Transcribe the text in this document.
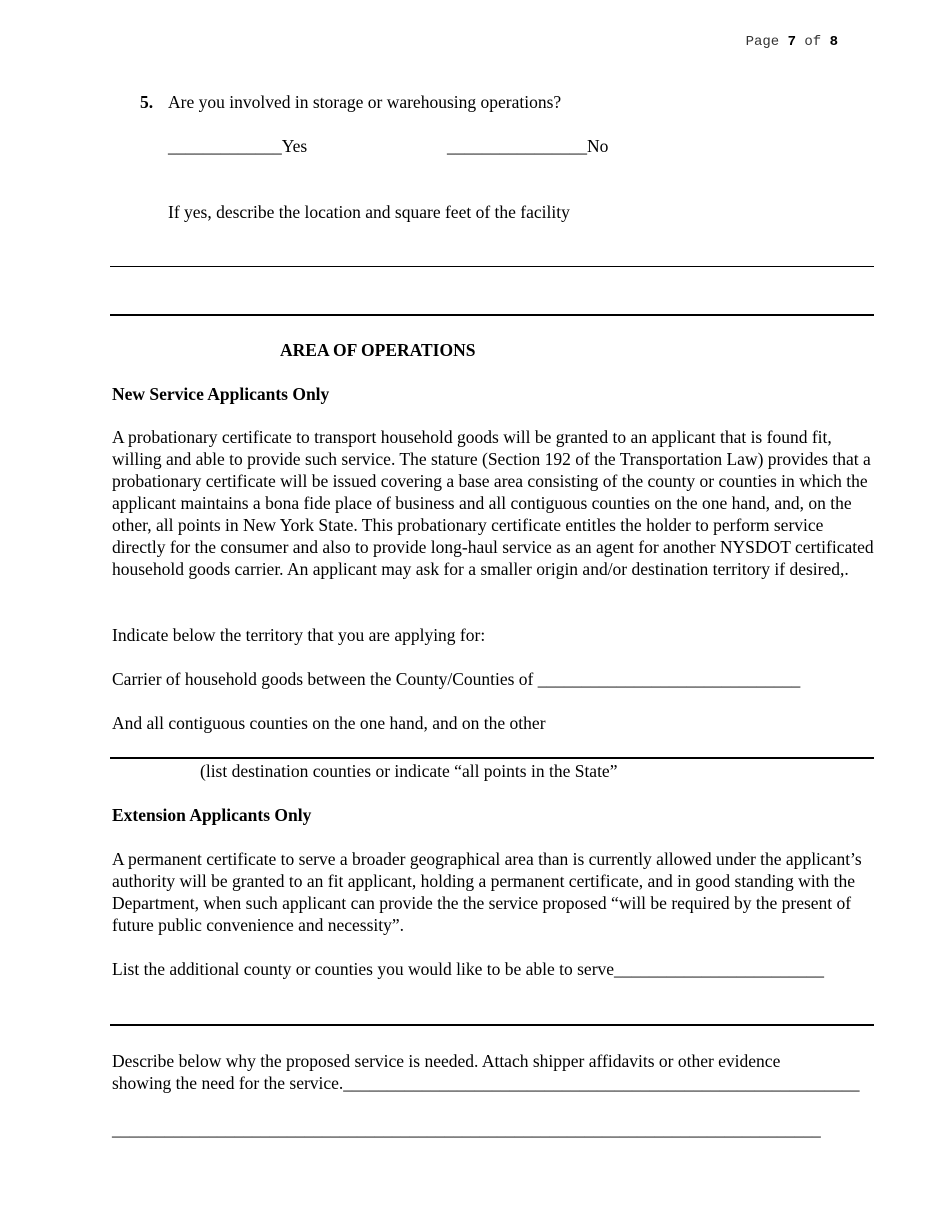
Page 7 of 8
5. Are you involved in storage or warehousing operations?
_____________Yes	________________No
If yes, describe the location and square feet of the facility
AREA OF OPERATIONS
New Service Applicants Only
A probationary certificate to transport household goods will be granted to an applicant that is found fit, willing and able to provide such service. The stature (Section 192 of the Transportation Law) provides that a probationary certificate will be issued covering a base area consisting of the county or counties in which the applicant maintains a bona fide place of business and all contiguous counties on the one hand, and, on the other, all points in New York State. This probationary certificate entitles the holder to perform service directly for the consumer and also to provide long-haul service as an agent for another NYSDOT certificated household goods carrier. An applicant may ask for a smaller origin and/or destination territory if desired,.
Indicate below the territory that you are applying for:
Carrier of household goods between the County/Counties of ______________________________
And all contiguous counties on the one hand, and on the other
(list destination counties or indicate “all points in the State”
Extension Applicants Only
A permanent certificate to serve a broader geographical area than is currently allowed under the applicant’s authority will be granted to an fit applicant, holding a permanent certificate, and in good standing with the Department, when such applicant can provide the the service proposed “will be required by the present of future public convenience and necessity”.
List the additional county or counties you would like to be able to serve________________________
Describe below why the proposed service is needed. Attach shipper affidavits or other evidence
showing the need for the service.___________________________________________________________
_________________________________________________________________________________
